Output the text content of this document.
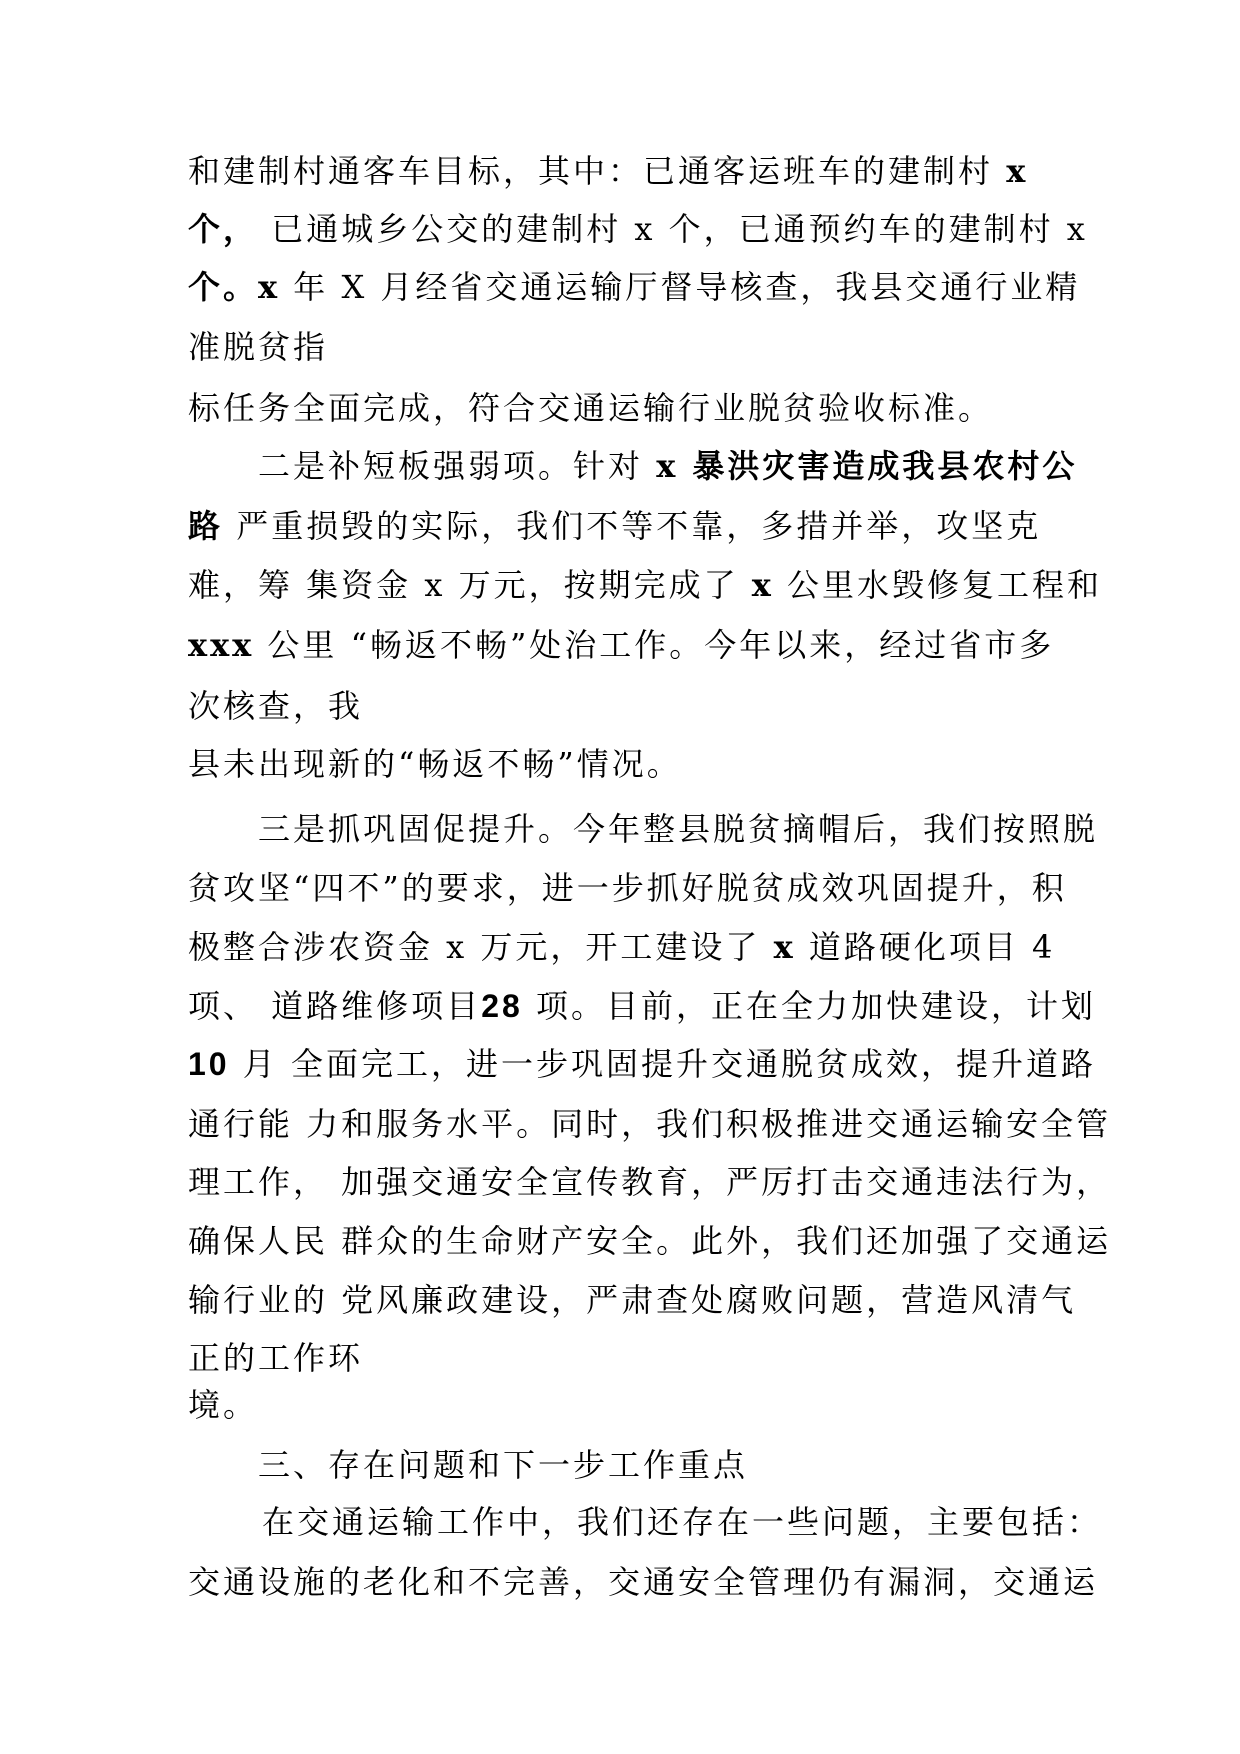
和建制村通客车目标，其中：已通客运班车的建制村 x
个， 已通城乡公交的建制村 x 个，已通预约车的建制村 x
个。x 年 X 月经省交通运输厅督导核查，我县交通行业精
准脱贫指
标任务全面完成，符合交通运输行业脱贫验收标准。
二是补短板强弱项。针对 x 暴洪灾害造成我县农村公
路 严重损毁的实际，我们不等不靠，多措并举，攻坚克
难，筹 集资金 x 万元，按期完成了 x 公里水毁修复工程和
xxx 公里 “畅返不畅”处治工作。今年以来，经过省市多
次核查，我
县未出现新的“畅返不畅”情况。
三是抓巩固促提升。今年整县脱贫摘帽后，我们按照脱
贫攻坚“四不”的要求，进一步抓好脱贫成效巩固提升，积
极整合涉农资金 x 万元，开工建设了 x 道路硬化项目 4
项、 道路维修项目28 项。目前，正在全力加快建设，计划
10 月 全面完工，进一步巩固提升交通脱贫成效，提升道路
通行能 力和服务水平。同时，我们积极推进交通运输安全管
理工作， 加强交通安全宣传教育，严厉打击交通违法行为，
确保人民 群众的生命财产安全。此外，我们还加强了交通运
输行业的 党风廉政建设，严肃查处腐败问题，营造风清气
正的工作环
境。
三、存在问题和下一步工作重点
在交通运输工作中，我们还存在一些问题，主要包括：
交通设施的老化和不完善，交通安全管理仍有漏洞，交通运
